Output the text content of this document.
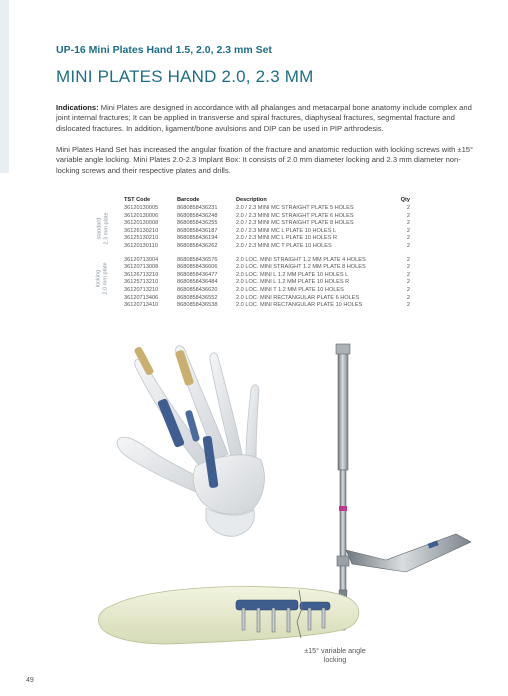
UP-16 Mini Plates Hand 1.5, 2.0, 2.3 mm Set
MINI PLATES HAND 2.0, 2.3 MM
Indications: Mini Plates are designed in accordance with all phalanges and metacarpal bone anatomy include complex and joint internal fractures; It can be applied in transverse and spiral fractures, diaphyseal fractures, segmental fracture and dislocated fractures. In addition, ligament/bone avulsions and DIP can be used in PIP arthrodesis.
Mini Plates Hand Set has increased the angular fixation of the fracture and anatomic reduction with locking screws with ±15° variable angle locking. Mini Plates 2.0-2.3 Implant Box: It consists of 2.0 mm diameter locking and 2.3 mm diameter non-locking screws and their respective plates and drills.
standard 2.3 mm plate
locking 2.0 mm plate
TST Code	Barcode	Description	Qty
36120130005	8680858436231	2.0 / 2.3 MINI MC STRAIGHT PLATE 5 HOLES	2
36120130006	8680858436248	2.0 / 2.3 MINI MC STRAIGHT PLATE 6 HOLES	2
36120130008	8680858436255	2.0 / 2.3 MINI MC STRAIGHT PLATE 8 HOLES	2
36126130210	8680858436187	2.0 / 2.3 MINI MC L PLATE 10 HOLES L	2
36125130210	8680858436194	2.0 / 2.3 MINI MC L PLATE 10 HOLES R	2
36120130110	8680858436262	2.0 / 2.3 MINI MC T PLATE 10 HOLES	2
36120713004	8680858436576	2.0 LOC. MINI STRAIGHT 1.2 MM PLATE 4 HOLES	2
36120713008	8680858436606	2.0 LOC. MINI STRAIGHT 1.2 MM PLATE 8 HOLES	2
36126713210	8680858436477	2.0 LOC. MINI L 1.2 MM PLATE 10 HOLES L	2
36125713210	8680858436484	2.0 LOC. MINI L 1.2 MM PLATE 10 HOLES R	2
36120713210	8680858436620	2.0 LOC. MINI T 1.2 MM PLATE 10 HOLES	2
36120713406	8680858436552	2.0 LOC. MINI RECTANGULAR PLATE 6 HOLES	2
36120713410	8680858436538	2.0 LOC. MINI RECTANGULAR PLATE 10 HOLES	2
±15° variable angle
locking
49
